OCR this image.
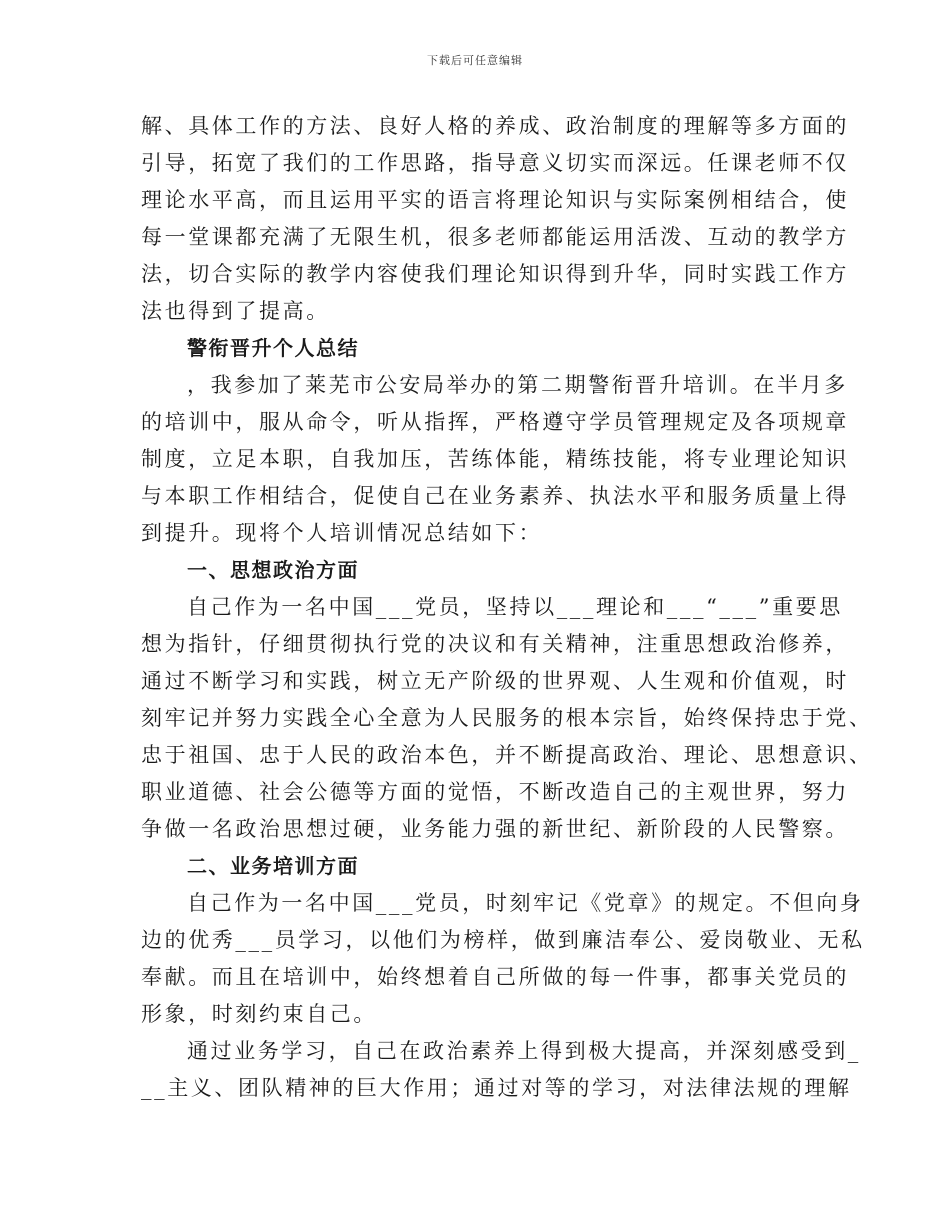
下载后可任意编辑
解、具体工作的方法、良好人格的养成、政治制度的理解等多方面的
引导，拓宽了我们的工作思路，指导意义切实而深远。任课老师不仅
理论水平高，而且运用平实的语言将理论知识与实际案例相结合，使
每一堂课都充满了无限生机，很多老师都能运用活泼、互动的教学方
法，切合实际的教学内容使我们理论知识得到升华，同时实践工作方
法也得到了提高。
警衔晋升个人总结
，我参加了莱芜市公安局举办的第二期警衔晋升培训。在半月多
的培训中，服从命令，听从指挥，严格遵守学员管理规定及各项规章
制度，立足本职，自我加压，苦练体能，精练技能，将专业理论知识
与本职工作相结合，促使自己在业务素养、执法水平和服务质量上得
到提升。现将个人培训情况总结如下：
一、思想政治方面
自己作为一名中国___党员，坚持以___理论和___“___”重要思
想为指针，仔细贯彻执行党的决议和有关精神，注重思想政治修养，
通过不断学习和实践，树立无产阶级的世界观、人生观和价值观，时
刻牢记并努力实践全心全意为人民服务的根本宗旨，始终保持忠于党、
忠于祖国、忠于人民的政治本色，并不断提高政治、理论、思想意识、
职业道德、社会公德等方面的觉悟，不断改造自己的主观世界，努力
争做一名政治思想过硬，业务能力强的新世纪、新阶段的人民警察。
二、业务培训方面
自己作为一名中国___党员，时刻牢记《党章》的规定。不但向身
边的优秀___员学习，以他们为榜样，做到廉洁奉公、爱岗敬业、无私
奉献。而且在培训中，始终想着自己所做的每一件事，都事关党员的
形象，时刻约束自己。
通过业务学习，自己在政治素养上得到极大提高，并深刻感受到_
__主义、团队精神的巨大作用；通过对等的学习，对法律法规的理解
